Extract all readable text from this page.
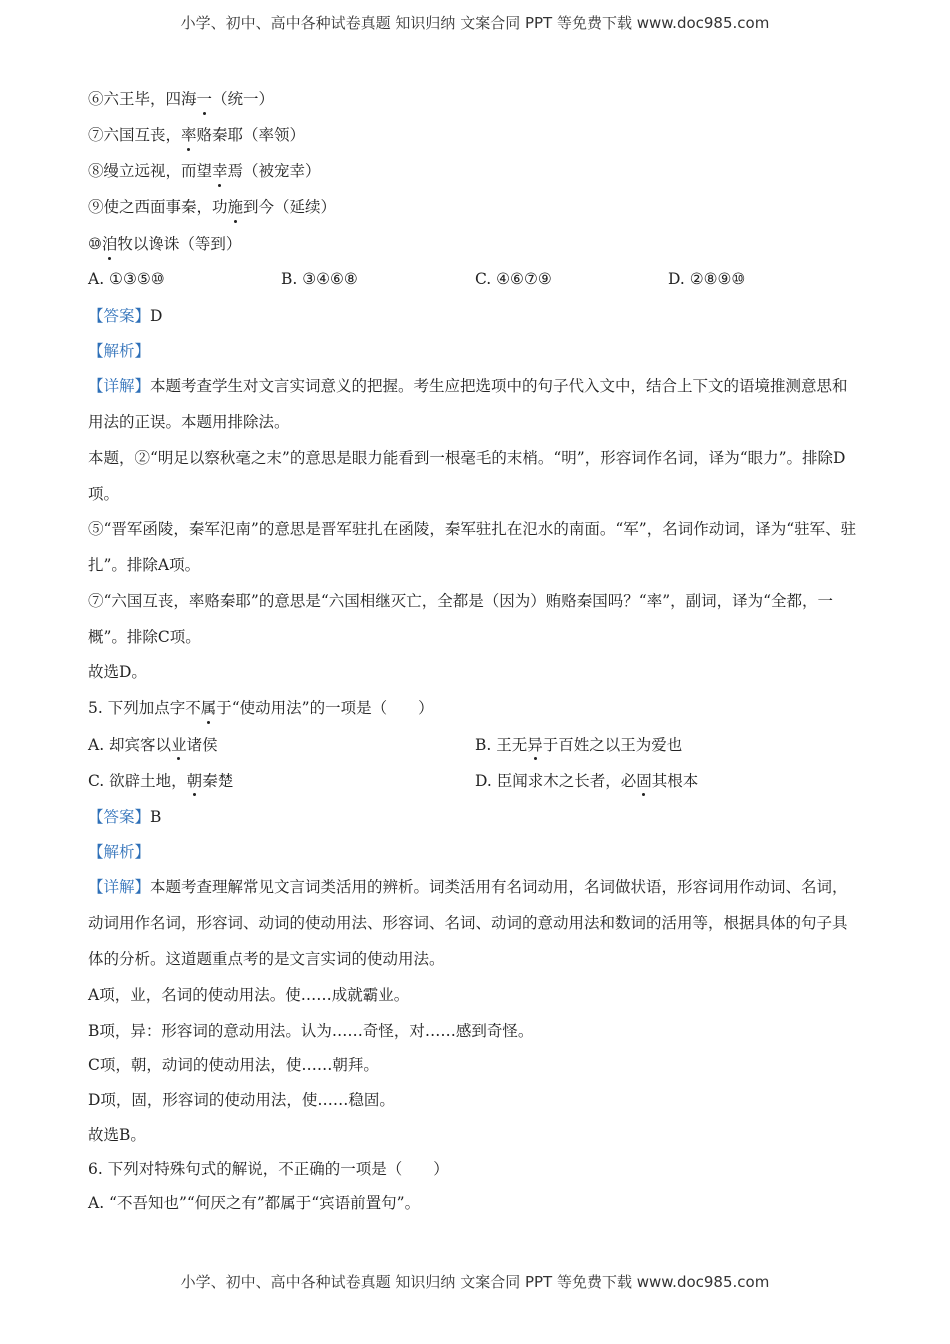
小学、初中、高中各种试卷真题 知识归纳 文案合同 PPT 等免费下载 www.doc985.com
⑥六王毕，四海一（统一）
⑦六国互丧，率赂秦耶（率领）
⑧缦立远视，而望幸焉（被宠幸）
⑨使之西面事秦，功施到今（延续）
⑩洎牧以谗诛（等到）
A. ①③⑤⑩	B. ③④⑥⑧	C. ④⑥⑦⑨	D. ②⑧⑨⑩
【答案】D
【解析】
【详解】本题考查学生对文言实词意义的把握。考生应把选项中的句子代入文中，结合上下文的语境推测意思和用法的正误。本题用排除法。
本题，②“明足以察秋毫之末”的意思是眼力能看到一根毫毛的末梢。“明”，形容词作名词，译为“眼力”。排除D项。
⑤“晋军函陵，秦军氾南”的意思是晋军驻扎在函陵，秦军驻扎在氾水的南面。“军”，名词作动词，译为“驻军、驻扎”。排除A项。
⑦“六国互丧，率赂秦耶”的意思是“六国相继灭亡，全都是（因为）贿赂秦国吗？“率”，副词，译为“全都，一概”。排除C项。
故选D。
5. 下列加点字不属于“使动用法”的一项是（　　）
A. 却宾客以业诸侯	B. 王无异于百姓之以王为爱也
C. 欲辟土地，朝秦楚	D. 臣闻求木之长者，必固其根本
【答案】B
【解析】
【详解】本题考查理解常见文言词类活用的辨析。词类活用有名词动用，名词做状语，形容词用作动词、名词，动词用作名词，形容词、动词的使动用法、形容词、名词、动词的意动用法和数词的活用等，根据具体的句子具体的分析。这道题重点考的是文言实词的使动用法。
A项，业，名词的使动用法。使……成就霸业。
B项，异：形容词的意动用法。认为……奇怪，对……感到奇怪。
C项，朝，动词的使动用法，使……朝拜。
D项，固，形容词的使动用法，使……稳固。
故选B。
6. 下列对特殊句式的解说，不正确的一项是（　　）
A. “不吾知也”“何厌之有”都属于“宾语前置句”。
小学、初中、高中各种试卷真题 知识归纳 文案合同 PPT 等免费下载 www.doc985.com
